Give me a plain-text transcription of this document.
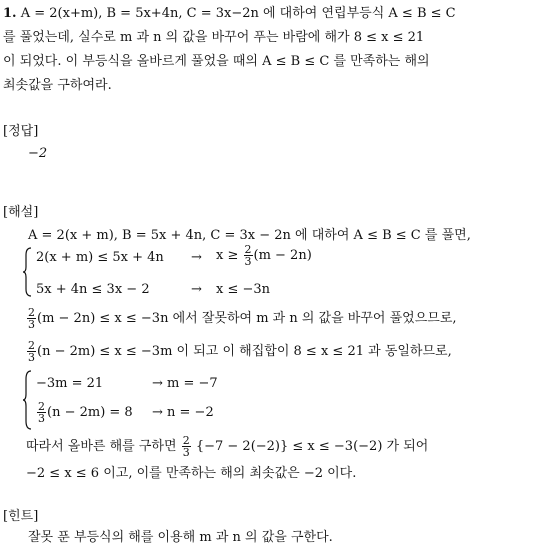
1. A = 2(x+m), B = 5x+4n, C = 3x−2n 에 대하여 연립부등식 A ≤ B ≤ C
를 풀었는데, 실수로 m 과 n 의 값을 바꾸어 푸는 바람에 해가 8 ≤ x ≤ 21
이 되었다. 이 부등식을 올바르게 풀었을 때의 A ≤ B ≤ C 를 만족하는 해의
최솟값을 구하여라.
[정답]
−2
[해설]
A = 2(x + m), B = 5x + 4n, C = 3x − 2n 에 대하여 A ≤ B ≤ C 를 풀면,
$2(x + m) \le 5x + 4n \to x \ge \frac{2}{3} (m - 2n)$
5x + 4n ≤ 3x − 2	→ x ≤ −3n
$\frac{2}{3} (m - 2n) \le x \le -3n$ 에서 잘못하여 m 과 n 의 값을 바꾸어 풀었으므로,
$\frac{2}{3} (n - 2m) \le x \le -3m$ 이 되고 이 해집합이 8 ≤ x ≤ 21 과 동일하므로,
−3m = 21	→ m = −7
$\frac{2}{3} (n - 2m) = 8 \to n = -2$
따라서 올바른 해를 구하면 $\frac{2}{3} \{-7 - 2(-2)\} \le x \le -3(-2)$ 가 되어
−2 ≤ x ≤ 6 이고, 이를 만족하는 해의 최솟값은 −2 이다.
[힌트]
잘못 푼 부등식의 해를 이용해 m 과 n 의 값을 구한다.
